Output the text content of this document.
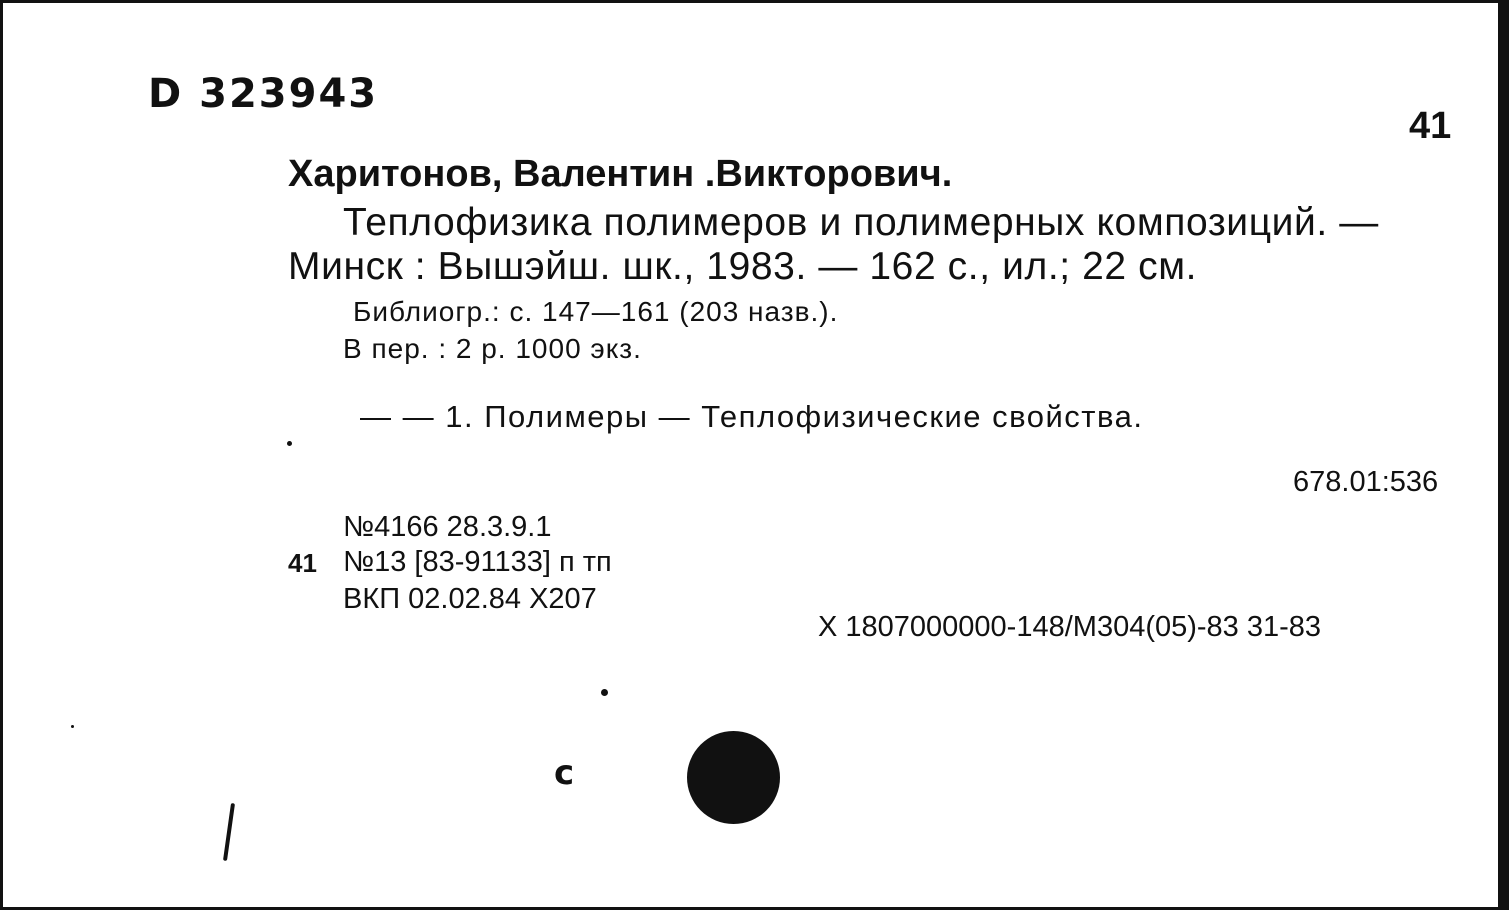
D 323943
41
Харитонов, Валентин .Викторович.
Теплофизика полимеров и полимерных композиций. —
Минск : Вышэйш. шк., 1983. — 162 с., ил.; 22 см.
Библиогр.: с. 147—161 (203 назв.).
В пер. : 2 р. 1000 экз.
— — 1. Полимеры — Теплофизические свойства.
678.01:536
№4166 28.3.9.1
41 №13 [83-91133] п тп
ВКП 02.02.84 Х207
Х 1807000000-148/М304(05)-83 31-83
c
